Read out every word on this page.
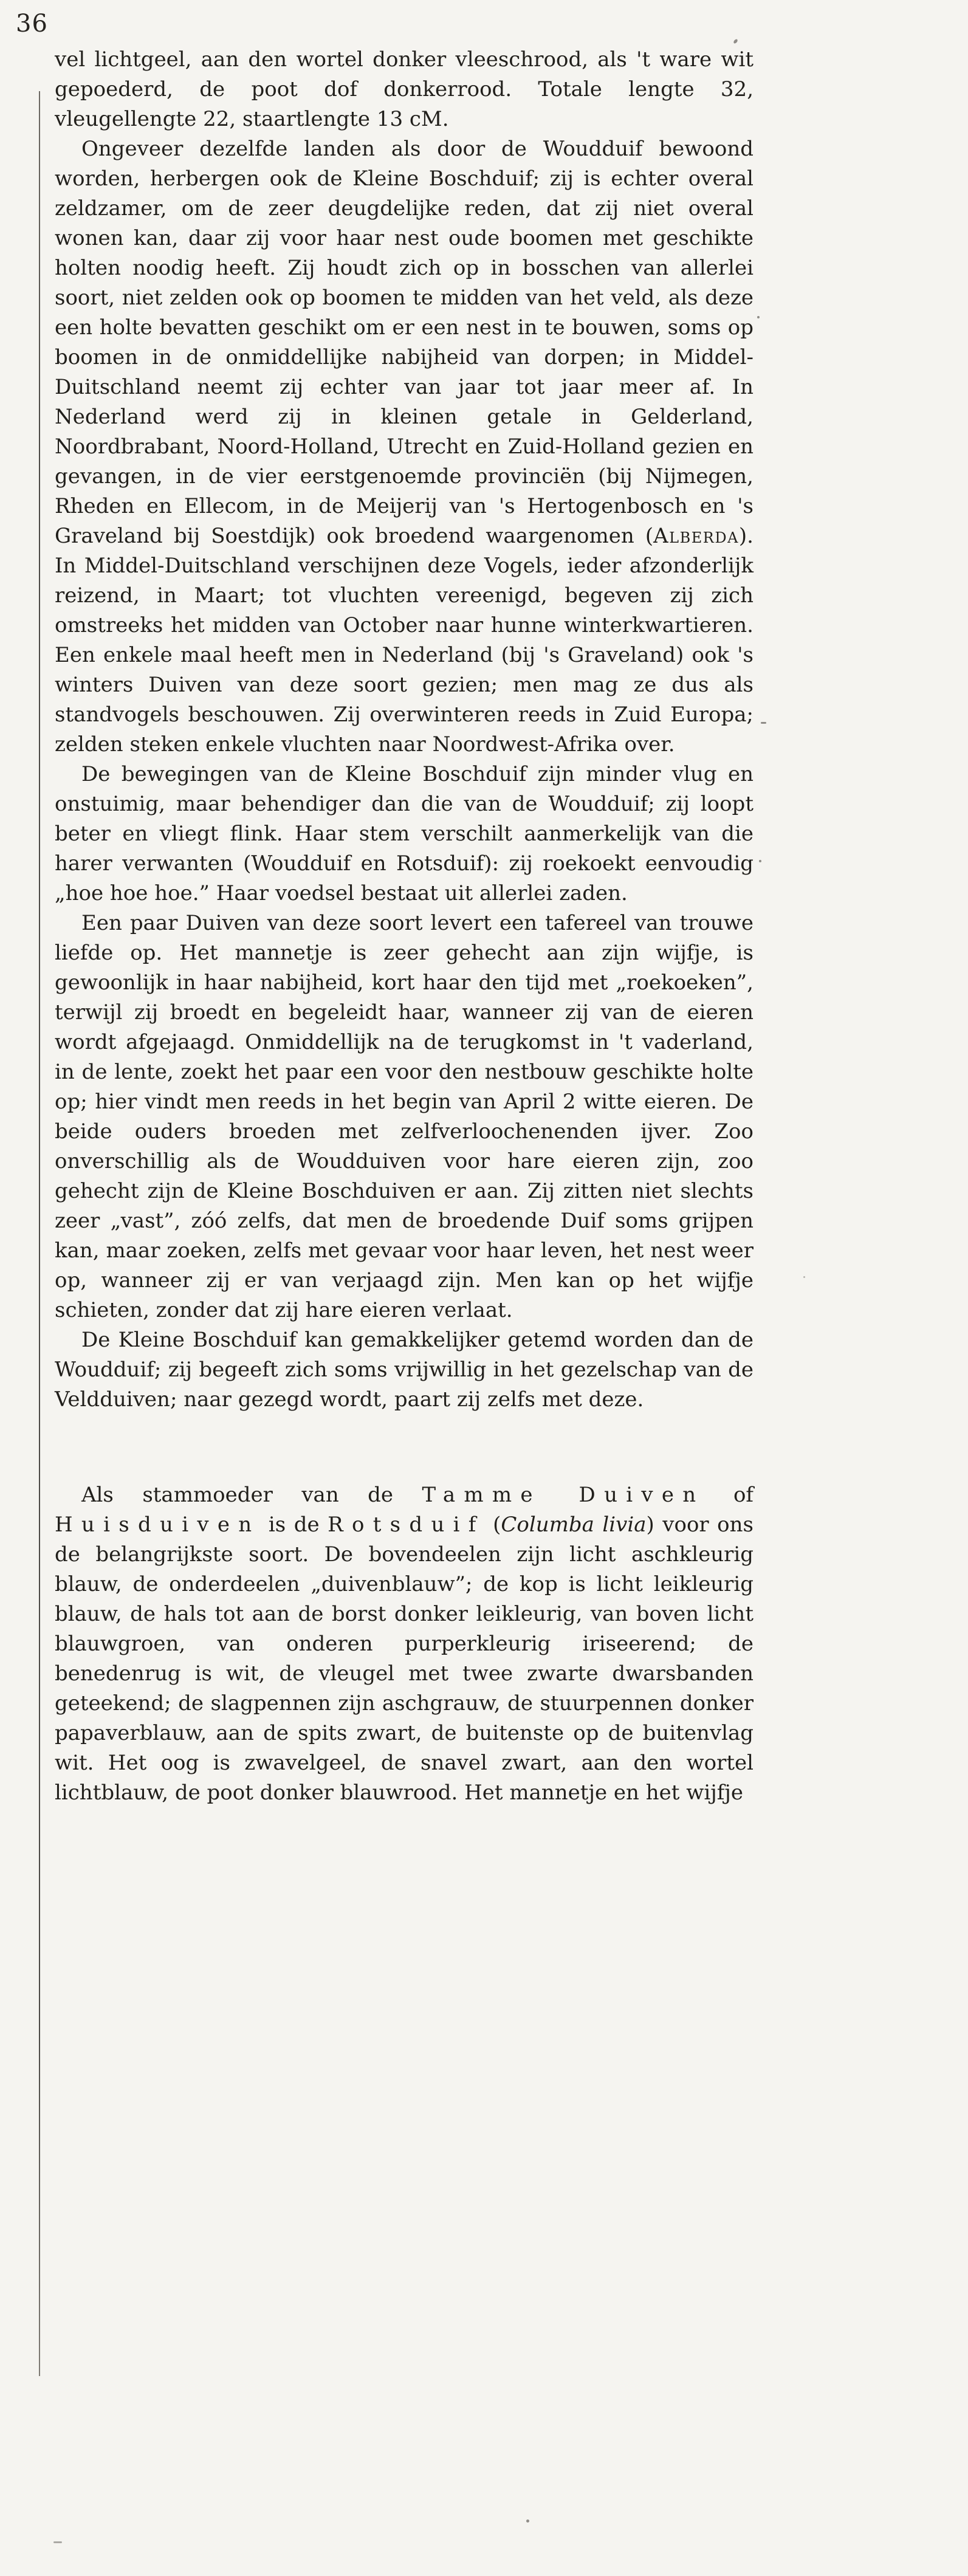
36

vel lichtgeel, aan den wortel donker vleeschrood, als 't ware wit gepoederd, de poot dof donkerrood. Totale lengte 32, vleugellengte 22, staartlengte 13 cM.

Ongeveer dezelfde landen als door de Woudduif bewoond worden, herbergen ook de Kleine Boschduif; zij is echter overal zeldzamer, om de zeer deugdelijke reden, dat zij niet overal wonen kan, daar zij voor haar nest oude boomen met geschikte holten noodig heeft. Zij houdt zich op in bosschen van allerlei soort, niet zelden ook op boomen te midden van het veld, als deze een holte bevatten geschikt om er een nest in te bouwen, soms op boomen in de onmiddellijke nabijheid van dorpen; in Middel-Duitschland neemt zij echter van jaar tot jaar meer af. In Nederland werd zij in kleinen getale in Gelderland, Noordbrabant, Noord-Holland, Utrecht en Zuid-Holland gezien en gevangen, in de vier eerstgenoemde provinciën (bij Nijmegen, Rheden en Ellecom, in de Meijerij van 's Hertogenbosch en 's Graveland bij Soestdijk) ook broedend waargenomen (Alberda). In Middel-Duitschland verschijnen deze Vogels, ieder afzonderlijk reizend, in Maart; tot vluchten vereenigd, begeven zij zich omstreeks het midden van October naar hunne winterkwartieren. Een enkele maal heeft men in Nederland (bij 's Graveland) ook 's winters Duiven van deze soort gezien; men mag ze dus als standvogels beschouwen. Zij overwinteren reeds in Zuid Europa; zelden steken enkele vluchten naar Noordwest-Afrika over.

De bewegingen van de Kleine Boschduif zijn minder vlug en onstuimig, maar behendiger dan die van de Woudduif; zij loopt beter en vliegt flink. Haar stem verschilt aanmerkelijk van die harer verwanten (Woudduif en Rotsduif): zij roekoekt eenvoudig „hoe hoe hoe.” Haar voedsel bestaat uit allerlei zaden.

Een paar Duiven van deze soort levert een tafereel van trouwe liefde op. Het mannetje is zeer gehecht aan zijn wijfje, is gewoonlijk in haar nabijheid, kort haar den tijd met „roekoeken”, terwijl zij broedt en begeleidt haar, wanneer zij van de eieren wordt afgejaagd. Onmiddellijk na de terugkomst in 't vaderland, in de lente, zoekt het paar een voor den nestbouw geschikte holte op; hier vindt men reeds in het begin van April 2 witte eieren. De beide ouders broeden met zelfverloochenenden ijver. Zoo onverschillig als de Woudduiven voor hare eieren zijn, zoo gehecht zijn de Kleine Boschduiven er aan. Zij zitten niet slechts zeer „vast”, zóó zelfs, dat men de broedende Duif soms grijpen kan, maar zoeken, zelfs met gevaar voor haar leven, het nest weer op, wanneer zij er van verjaagd zijn. Men kan op het wijfje schieten, zonder dat zij hare eieren verlaat.

De Kleine Boschduif kan gemakkelijker getemd worden dan de Woudduif; zij begeeft zich soms vrijwillig in het gezelschap van de Veldduiven; naar gezegd wordt, paart zij zelfs met deze.

Als stammoeder van de Tamme Duiven of Huisduiven is de Rotsduif (Columba livia) voor ons de belangrijkste soort. De bovendeelen zijn licht aschkleurig blauw, de onderdeelen „duivenblauw”; de kop is licht leikleurig blauw, de hals tot aan de borst donker leikleurig, van boven licht blauwgroen, van onderen purperkleurig iriseerend; de benedenrug is wit, de vleugel met twee zwarte dwarsbanden geteekend; de slagpennen zijn aschgrauw, de stuurpennen donker papaverblauw, aan de spits zwart, de buitenste op de buitenvlag wit. Het oog is zwavelgeel, de snavel zwart, aan den wortel lichtblauw, de poot donker blauwrood. Het mannetje en het wijfje
